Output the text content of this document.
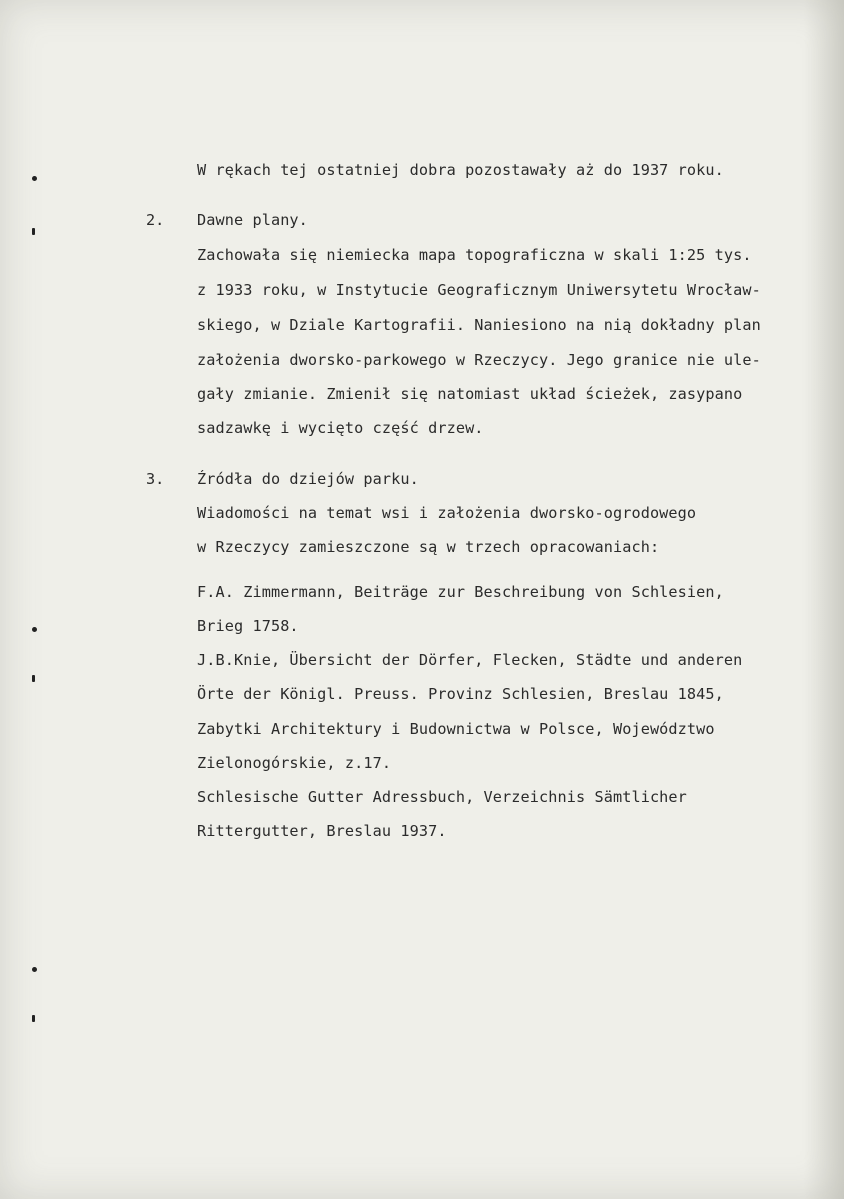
W rękach tej ostatniej dobra pozostawały aż do 1937 roku.
2. Dawne plany.
Zachowała się niemiecka mapa topograficzna w skali 1:25 tys.
z 1933 roku, w Instytucie Geograficznym Uniwersytetu Wrocław-
skiego, w Dziale Kartografii. Naniesiono na nią dokładny plan
założenia dworsko-parkowego w Rzeczycy. Jego granice nie ule-
gały zmianie. Zmienił się natomiast układ ścieżek, zasypano
sadzawkę i wycięto część drzew.
3. Źródła do dziejów parku.
Wiadomości na temat wsi i założenia dworsko-ogrodowego
w Rzeczycy zamieszczone są w trzech opracowaniach:
F.A. Zimmermann, Beiträge zur Beschreibung von Schlesien,
Brieg 1758.
J.B.Knie, Übersicht der Dörfer, Flecken, Städte und anderen
Örte der Königl. Preuss. Provinz Schlesien, Breslau 1845,
Zabytki Architektury i Budownictwa w Polsce, Województwo
Zielonogórskie, z.17.
Schlesische Gutter Adressbuch, Verzeichnis Sämtlicher
Rittergutter, Breslau 1937.
